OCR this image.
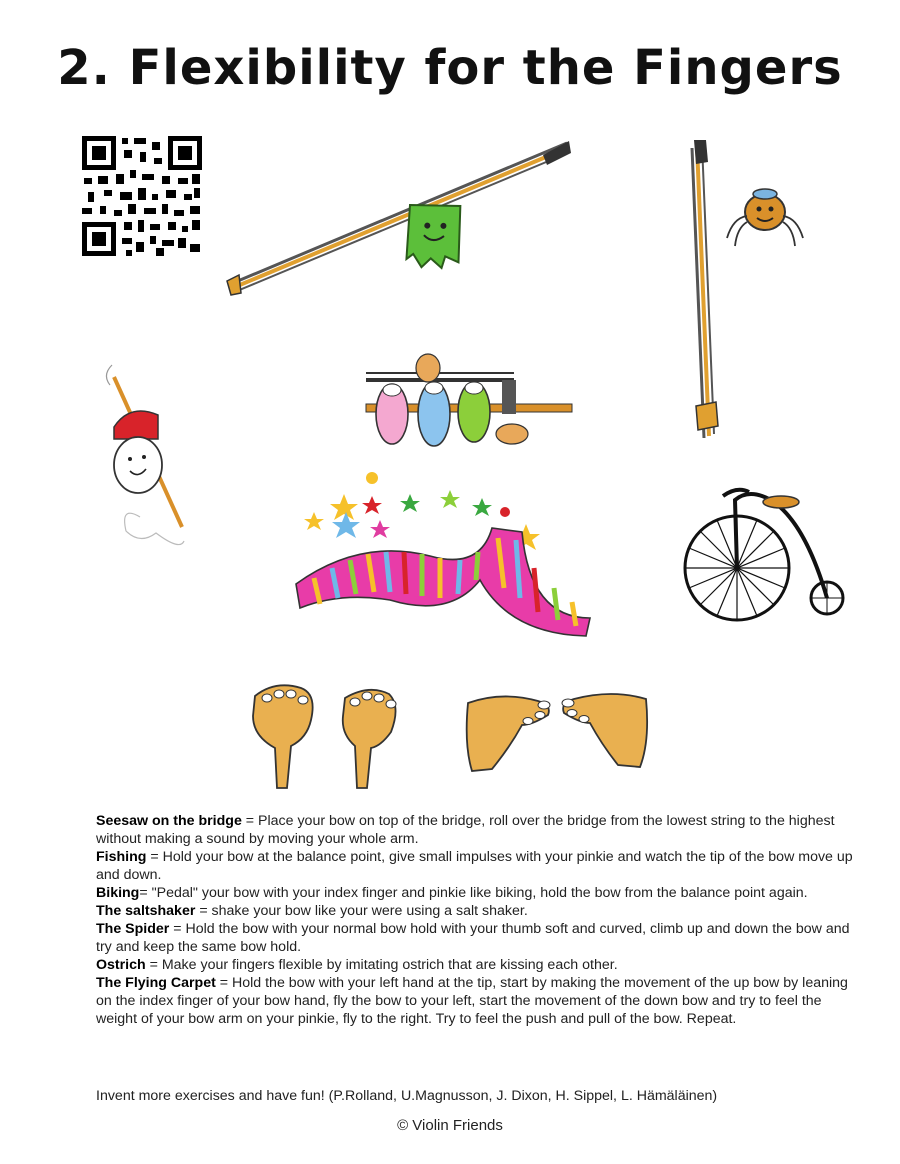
2. Flexibility for the Fingers

Seesaw on the bridge = Place your bow on top of the bridge, roll over the bridge from the lowest string to the highest without making a sound by moving your whole arm.

Fishing = Hold your bow at the balance point, give small impulses with your pinkie and watch the tip of the bow move up and down.

Biking= "Pedal" your bow with your index finger and pinkie like biking, hold the bow from the balance point again.

The saltshaker = shake your bow like your were using a salt shaker.

The Spider = Hold the bow with your normal bow hold with your thumb soft and curved, climb up and down the bow and try and keep the same bow hold.

Ostrich = Make your fingers flexible by imitating ostrich that are kissing each other.

The Flying Carpet = Hold the bow with your left hand at the tip, start by making the movement of the up bow by leaning on the index finger of your bow hand, fly the bow to your left, start the movement of the down bow and try to feel the weight of your bow arm on your pinkie, fly to the right. Try to feel the push and pull of the bow. Repeat.

Invent more exercises and have fun! (P.Rolland, U.Magnusson, J. Dixon, H. Sippel, L. Hämäläinen)
© Violin Friends
